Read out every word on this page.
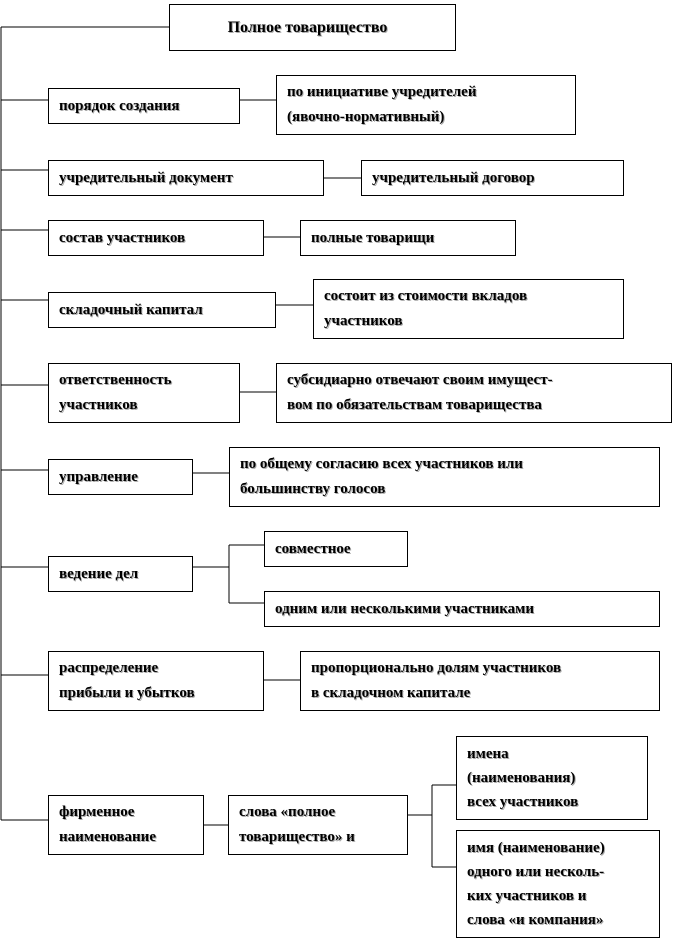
Полное товарищество
порядок создания
по инициативе учредителей
(явочно-нормативный)
учредительный документ	учредительный договор
состав участников	полные товарищи
складочный капитал
состоит из стоимости вкладов
участников
ответственность
участников
субсидиарно отвечают своим имущест-
вом по обязательствам товарищества
управление
по общему согласию всех участников или
большинству голосов
ведение дел
совместное
одним или несколькими участниками
распределение
прибыли и убытков
пропорционально долям участников
в складочном капитале
фирменное
наименование
слова «полное
товарищество» и
имена
(наименования)
всех участников
имя (наименование)
одного или несколь-
ких участников и
слова «и компания»
